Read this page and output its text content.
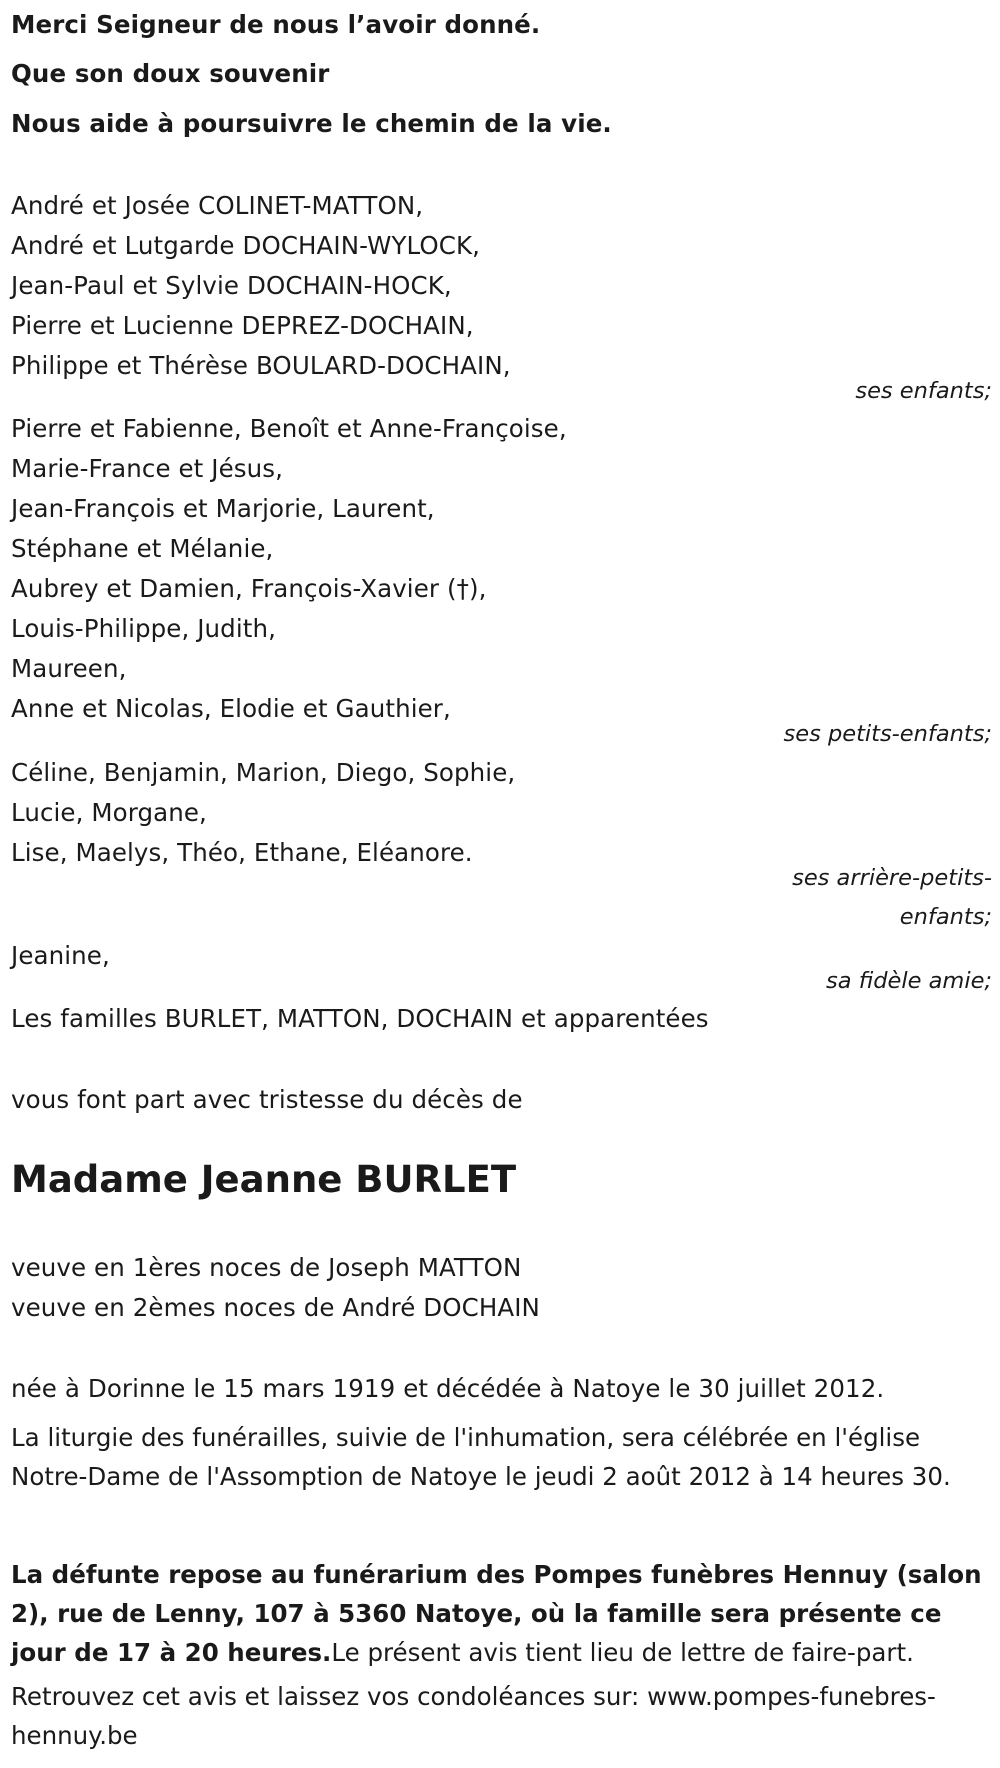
Merci Seigneur de nous l’avoir donné.
Que son doux souvenir
Nous aide à poursuivre le chemin de la vie.
André et Josée COLINET-MATTON,
André et Lutgarde DOCHAIN-WYLOCK,
Jean-Paul et Sylvie DOCHAIN-HOCK,
Pierre et Lucienne DEPREZ-DOCHAIN,
Philippe et Thérèse BOULARD-DOCHAIN,
ses enfants;
Pierre et Fabienne, Benoît et Anne-Françoise,
Marie-France et Jésus,
Jean-François et Marjorie, Laurent,
Stéphane et Mélanie,
Aubrey et Damien, François-Xavier (†),
Louis-Philippe, Judith,
Maureen,
Anne et Nicolas, Elodie et Gauthier,
ses petits-enfants;
Céline, Benjamin, Marion, Diego, Sophie,
Lucie, Morgane,
Lise, Maelys, Théo, Ethane, Eléanore.
ses arrière-petits-
enfants;
Jeanine,
sa fidèle amie;
Les familles BURLET, MATTON, DOCHAIN et apparentées
vous font part avec tristesse du décès de
Madame Jeanne BURLET
veuve en 1ères noces de Joseph MATTON
veuve en 2èmes noces de André DOCHAIN
née à Dorinne le 15 mars 1919 et décédée à Natoye le 30 juillet 2012.
La liturgie des funérailles, suivie de l'inhumation, sera célébrée en l'église Notre-Dame de l'Assomption de Natoye le jeudi 2 août 2012 à 14 heures 30.
La défunte repose au funérarium des Pompes funèbres Hennuy (salon 2), rue de Lenny, 107 à 5360 Natoye, où la famille sera présente ce jour de 17 à 20 heures.Le présent avis tient lieu de lettre de faire-part.
Retrouvez cet avis et laissez vos condoléances sur: www.pompes-funebres-hennuy.be
